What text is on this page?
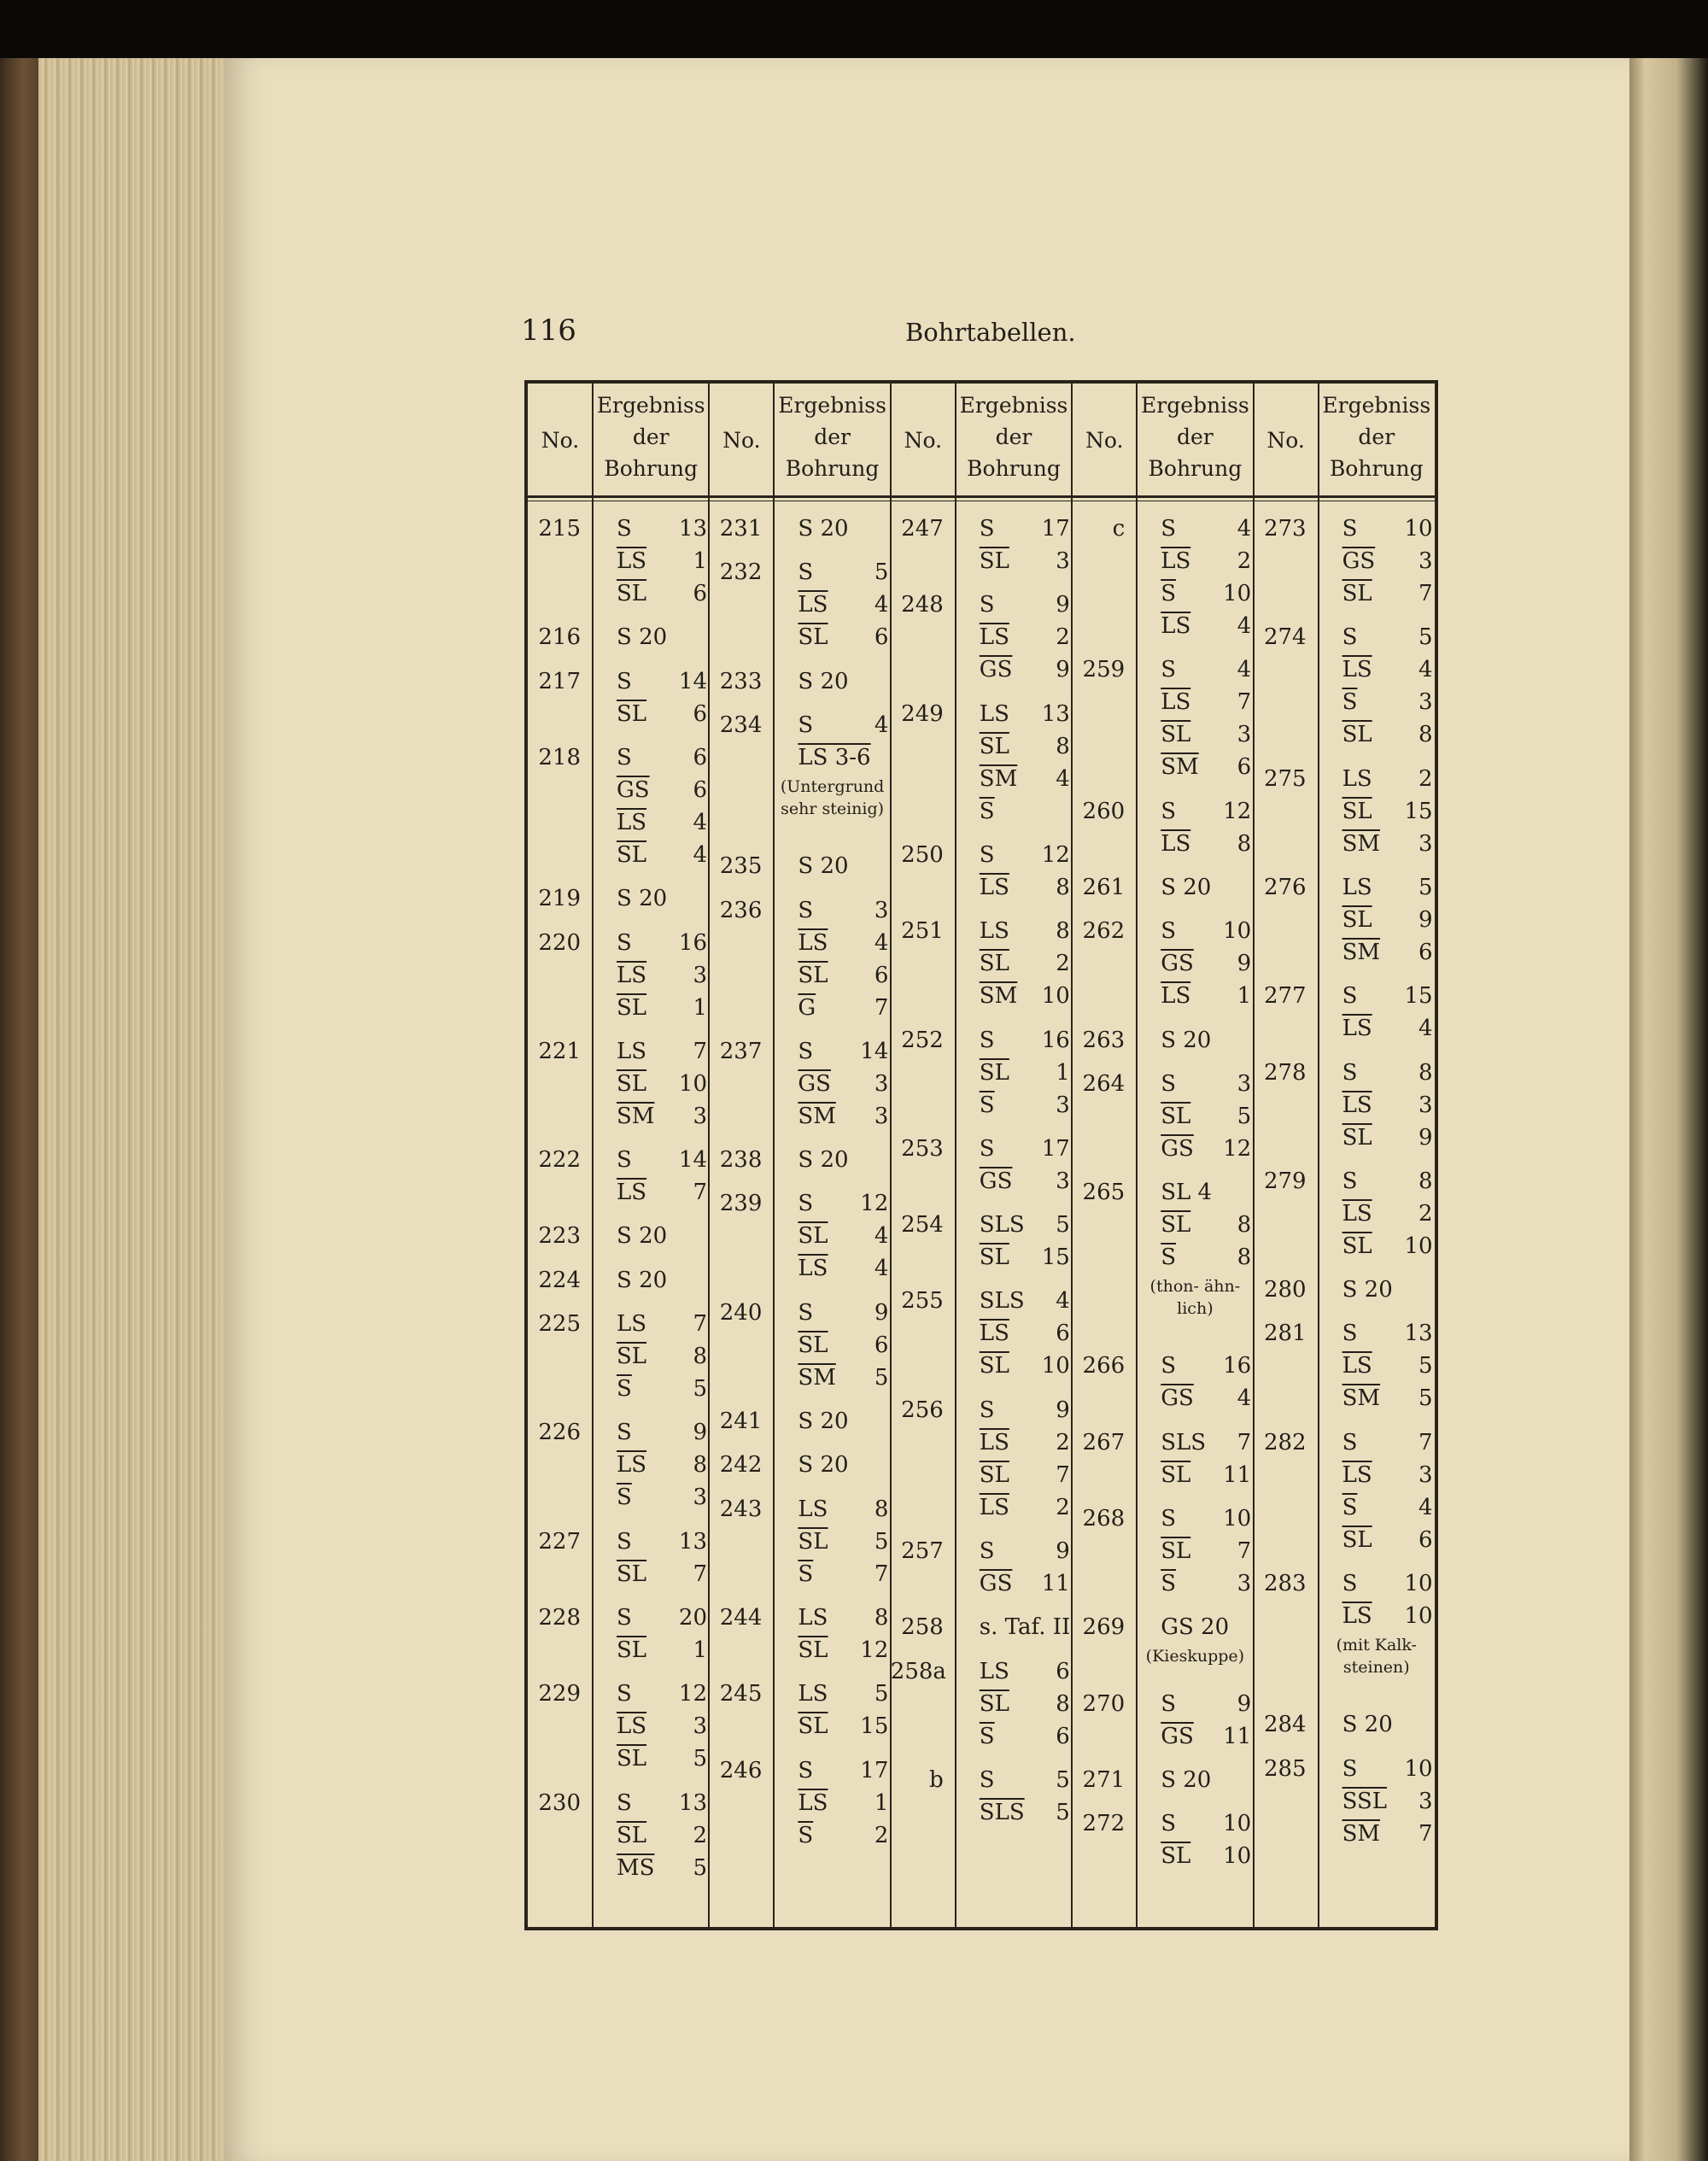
116	Bohrtabellen.
No.
Ergebniss
der
Bohrung
No.
Ergebniss
der
Bohrung
No.
Ergebniss
der
Bohrung
No.
Ergebniss
der
Bohrung
No.
Ergebniss
der
Bohrung
215 S 13
$\overline{LS}$ 1
$\overline{SL}$ 6
216 S 20
217 S 14
$\overline{SL}$ 6
218 S	6
$\overline{GS}$ 6
$\overline{LS}$ 4
$\overline{SL}$ 4
219 S 20
220 S 16
$\overline{LS}$ 3
$\overline{SL}$ 1
221 LS 7
$\overline{SL}$ 10
$\overline{SM}$ 3
222 S 14
$\overline{LS}$ 7
223 S 20
224 S 20
225 LS 7
$\overline{SL}$ 8
$\overline{S}$	5
226 S	9
$\overline{LS}$ 8
$\overline{S}$	3
227 S 13
$\overline{SL}$ 7
228 S 20
$\overline{SL}$ 1
229 S 12
$\overline{LS}$ 3
$\overline{SL}$ 5
230 S 13
$\overline{SL}$ 2
$\overline{MS}$ 5
231 S 20
232 S	5
$\overline{LS}$ 4
$\overline{SL}$ 6
233 S 20
234 S	4
LS 3-6
(Untergrund sehr steinig)
235 S 20
236 S	3
$\overline{LS}$ 4
$\overline{SL}$ 6
$\overline{G}$	7
237 S 14
$\overline{GS}$ 3
$\overline{SM}$ 3
238 S 20
239 S 12
$\overline{SL}$ 4
$\overline{LS}$ 4
240 S	9
$\overline{SL}$ 6
$\overline{SM}$ 5
241 S 20
242 S 20
243 LS 8
$\overline{SL}$ 5
$\overline{S}$	7
244 LS 8
$\overline{SL}$ 12
245 LS 5
$\overline{SL}$ 15
246 S 17
$\overline{LS}$ 1
$\overline{S}$	2
247 S 17
$\overline{SL}$ 3
248 S	9
$\overline{LS}$ 2
$\overline{GS}$ 9
249 LS 13
$\overline{SL}$ 8
$\overline{SM}$ 4
$\overline{S}$
250 S 12
$\overline{LS}$ 8
251 LS 8
$\overline{SL}$ 2
$\overline{SM}$ 10
252 S 16
$\overline{SL}$ 1
$\overline{S}$	3
253 S 17
$\overline{GS}$ 3
254 SLS 5
$\overline{SL}$ 15
255 SLS 4
$\overline{LS}$ 6
$\overline{SL}$ 10
256 S	9
$\overline{LS}$ 2
$\overline{SL}$ 7
$\overline{LS}$ 2
257 S	9
$\overline{GS}$ 11
258 s. Taf. II
258a LS 6
$\overline{SL}$ 8
$\overline{S}$	6
b S	5
$\overline{SLS}$ 5
c S	4
$\overline{LS}$ 2
$\overline{S}$ 10
$\overline{LS}$ 4
259 S	4
$\overline{LS}$ 7
$\overline{SL}$ 3
$\overline{SM}$ 6
260 S 12
$\overline{LS}$ 8
261 S 20
262 S 10
$\overline{GS}$ 9
$\overline{LS}$ 1
263 S 20
264 S	3
$\overline{SL}$ 5
$\overline{GS}$ 12
265 SL 4
$\overline{SL}$ 8
$\overline{S}$	8
(thon- ähn- lich)
266 S 16
$\overline{GS}$ 4
267 SLS 7
$\overline{SL}$ 11
268 S 10
$\overline{SL}$ 7
$\overline{S}$	3
269 GS 20
(Kieskuppe)
270 S	9
$\overline{GS}$ 11
271 S 20
272 S 10
$\overline{SL}$ 10
273 S 10
$\overline{GS}$ 3
$\overline{SL}$ 7
274 S	5
$\overline{LS}$ 4
$\overline{S}$	3
$\overline{SL}$ 8
275 LS 2
$\overline{SL}$ 15
$\overline{SM}$ 3
276 LS 5
$\overline{SL}$ 9
$\overline{SM}$ 6
277 S 15
$\overline{LS}$ 4
278 S	8
$\overline{LS}$ 3
$\overline{SL}$ 9
279 S	8
$\overline{LS}$ 2
$\overline{SL}$ 10
280 S 20
281 S 13
$\overline{LS}$ 5
$\overline{SM}$ 5
282 S	7
$\overline{LS}$ 3
$\overline{S}$	4
$\overline{SL}$ 6
283 S 10
$\overline{LS}$ 10
(mit Kalk- steinen)
284 S 20
285 S 10
$\overline{SSL}$ 3
$\overline{SM}$ 7
